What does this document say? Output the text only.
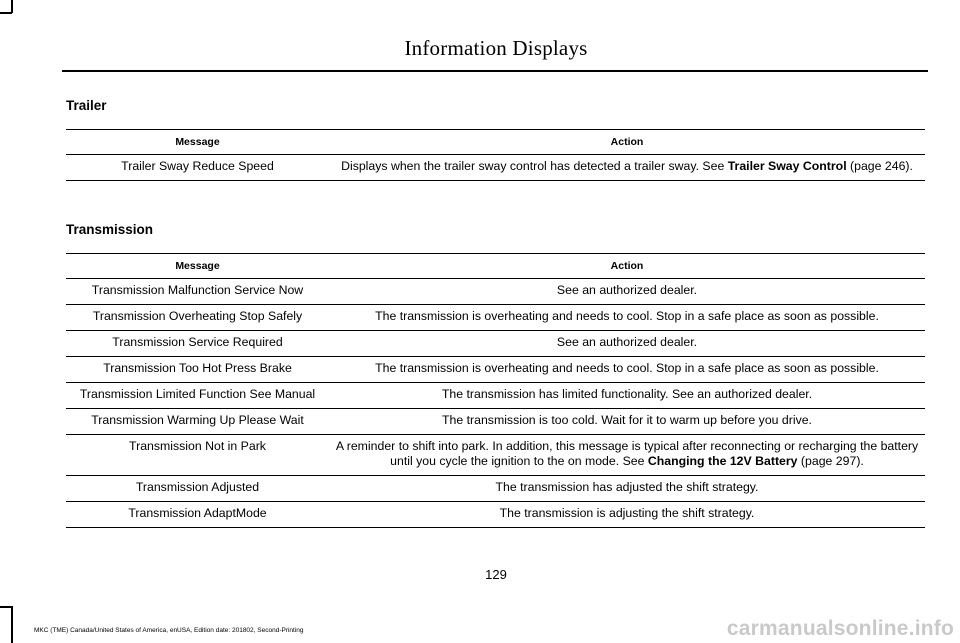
Information Displays
Trailer
Message	Action
Trailer Sway Reduce Speed	Displays when the trailer sway control has detected a trailer sway. See Trailer Sway Control (page 246).
Transmission
Message	Action
Transmission Malfunction Service Now	See an authorized dealer.
Transmission Overheating Stop Safely	The transmission is overheating and needs to cool. Stop in a safe place as soon as possible.
Transmission Service Required	See an authorized dealer.
Transmission Too Hot Press Brake	The transmission is overheating and needs to cool. Stop in a safe place as soon as possible.
Transmission Limited Function See Manual	The transmission has limited functionality. See an authorized dealer.
Transmission Warming Up Please Wait	The transmission is too cold. Wait for it to warm up before you drive.
Transmission Not in Park	A reminder to shift into park. In addition, this message is typical after reconnecting or recharging the battery until you cycle the ignition to the on mode. See Changing the 12V Battery (page 297).
Transmission Adjusted	The transmission has adjusted the shift strategy.
Transmission AdaptMode	The transmission is adjusting the shift strategy.
129
MKC (TME) Canada/United States of America, enUSA, Edition date: 201802, Second-Printing	carmanualsonline.info
